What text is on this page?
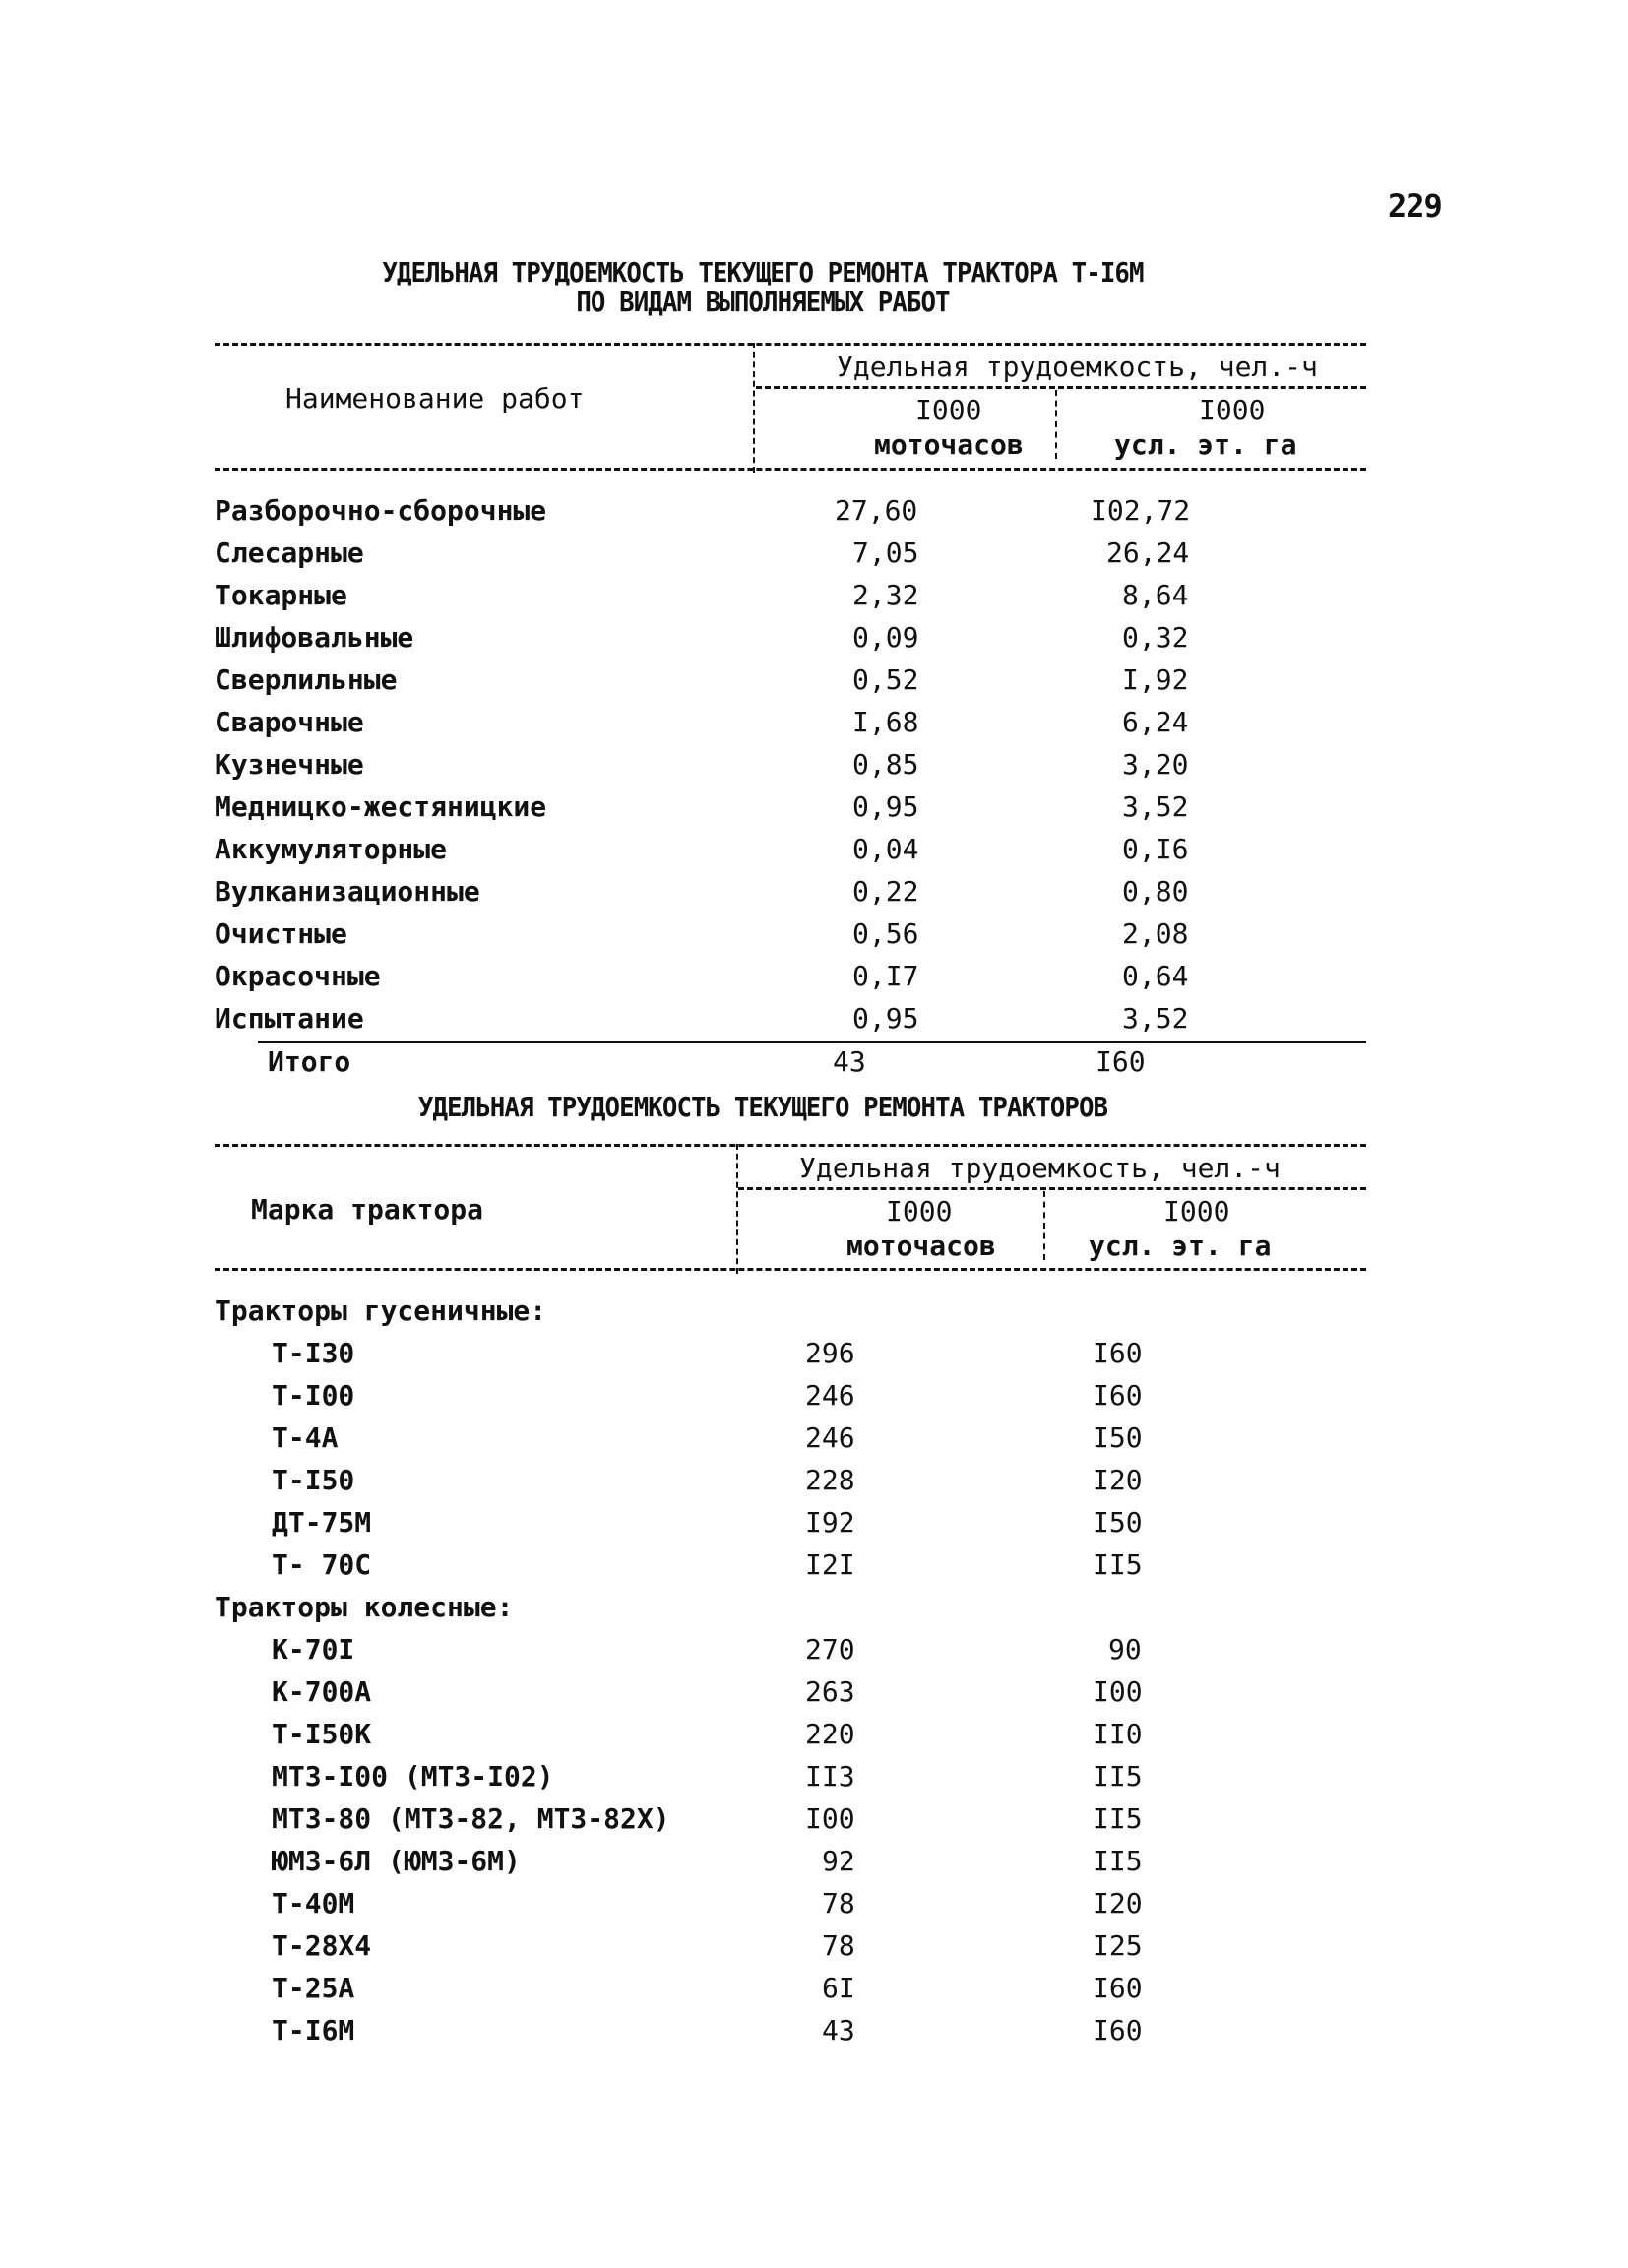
229
УДЕЛЬНАЯ ТРУДОЕМКОСТЬ ТЕКУЩЕГО РЕМОНТА ТРАКТОРА Т-I6М
ПО ВИДАМ ВЫПОЛНЯЕМЫХ РАБОТ
Наименование работ
Удельная трудоемкость, чел.-ч
I000
моточасов
I000
усл. эт. га
Разборочно-сборочные	27,60	I02,72
Слесарные	7,05	26,24
Токарные	2,32	8,64
Шлифовальные	0,09	0,32
Сверлильные	0,52	I,92
Сварочные	I,68	6,24
Кузнечные	0,85	3,20
Медницко-жестяницкие	0,95	3,52
Аккумуляторные	0,04	0,I6
Вулканизационные	0,22	0,80
Очистные	0,56	2,08
Окрасочные	0,I7	0,64
Испытание	0,95	3,52
Итого	43	I60
УДЕЛЬНАЯ ТРУДОЕМКОСТЬ ТЕКУЩЕГО РЕМОНТА ТРАКТОРОВ
Марка трактора
Удельная трудоемкость, чел.-ч
I000
моточасов
I000
усл. эт. га
Тракторы гусеничные:
Т-I30	296	I60
Т-I00	246	I60
Т-4А	246	I50
Т-I50	228	I20
ДТ-75М	I92	I50
Т- 70С	I2I	II5
Тракторы колесные:
К-70I	270	90
К-700А	263	I00
Т-I50К	220	II0
МТЗ-I00 (МТЗ-I02)	II3	II5
МТЗ-80 (МТЗ-82, МТЗ-82Х)	I00	II5
ЮМЗ-6Л (ЮМЗ-6М)	92	II5
Т-40М	78	I20
Т-28Х4	78	I25
Т-25А	6I	I60
Т-I6М	43	I60
